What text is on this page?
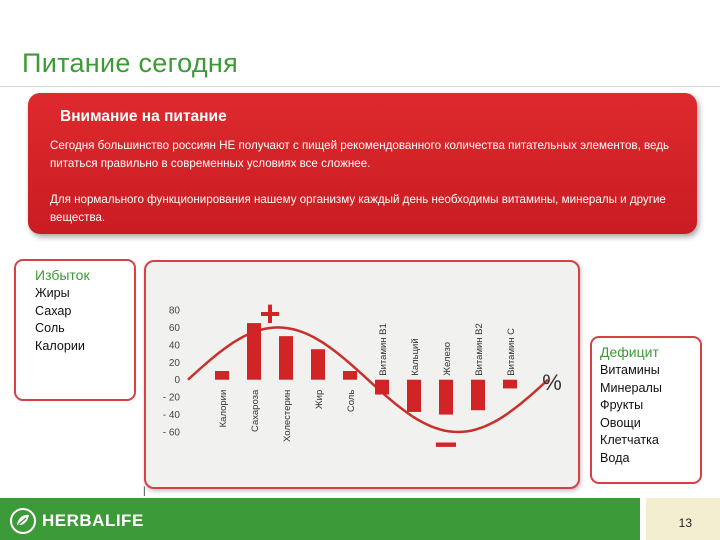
Питание сегодня
Внимание на питание

Сегодня большинство россиян НЕ получают с пищей рекомендованного количества питательных элементов, ведь питаться правильно в современных условиях все сложнее.

Для нормального функционирования нашему организму каждый день необходимы витамины, минералы и другие вещества.

Избыток
Жиры
Сахар
Соль
Калории
80
60
40
20
0
- 20
- 40
- 60
Калории Сахароза Холестерин Жир Соль
Витамин B1 Кальций Железо Витамин B2 Витамин C
+
−
%
Дефицит
Витамины
Минералы
Фрукты
Овощи
Клетчатка
Вода
|
HERBALIFE	13
